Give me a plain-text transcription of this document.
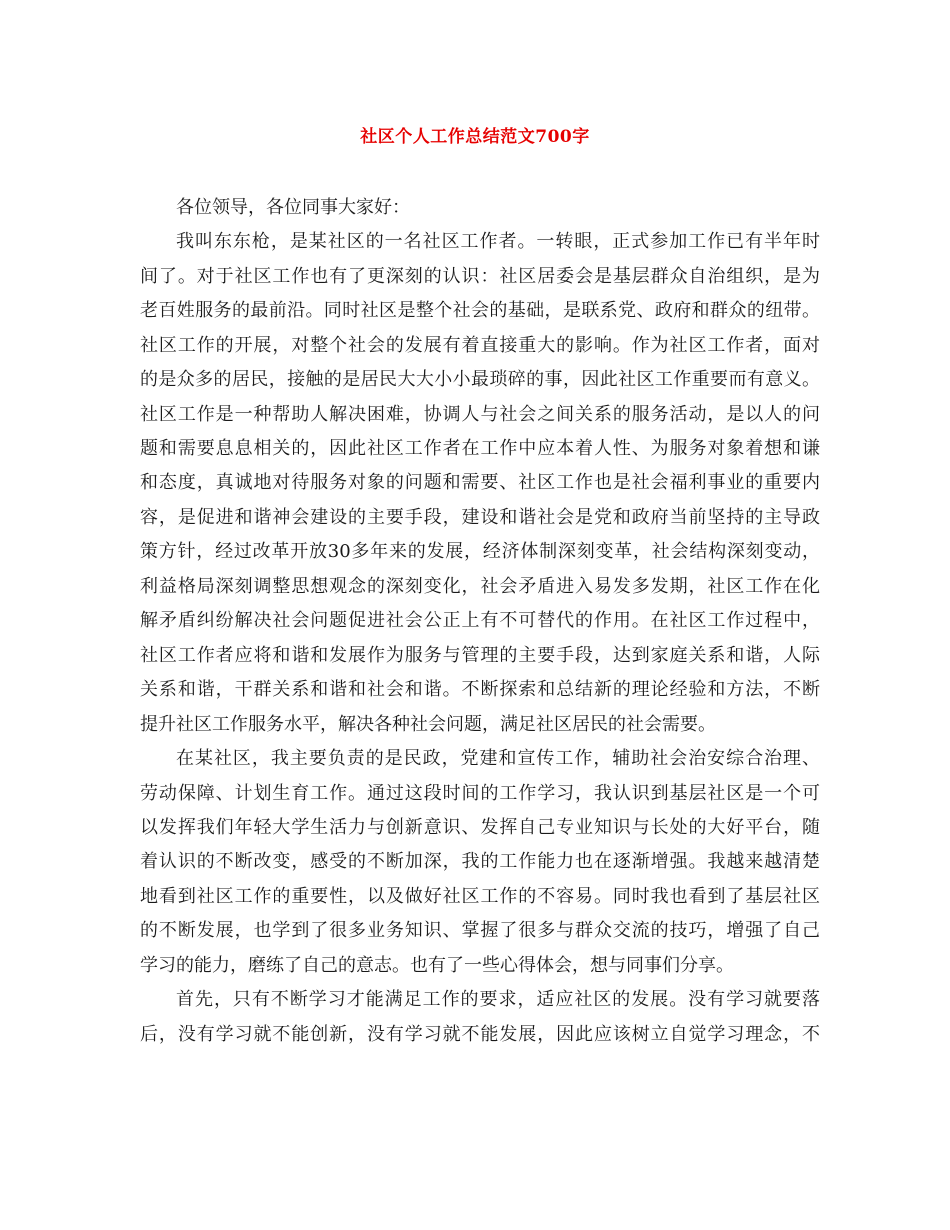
社区个人工作总结范文700字
各位领导，各位同事大家好：
我叫东东枪，是某社区的一名社区工作者。一转眼，正式参加工作已有半年时
间了。对于社区工作也有了更深刻的认识：社区居委会是基层群众自治组织，是为
老百姓服务的最前沿。同时社区是整个社会的基础，是联系党、政府和群众的纽带。
社区工作的开展，对整个社会的发展有着直接重大的影响。作为社区工作者，面对
的是众多的居民，接触的是居民大大小小最琐碎的事，因此社区工作重要而有意义。
社区工作是一种帮助人解决困难，协调人与社会之间关系的服务活动，是以人的问
题和需要息息相关的，因此社区工作者在工作中应本着人性、为服务对象着想和谦
和态度，真诚地对待服务对象的问题和需要、社区工作也是社会福利事业的重要内
容，是促进和谐神会建设的主要手段，建设和谐社会是党和政府当前坚持的主导政
策方针，经过改革开放30多年来的发展，经济体制深刻变革，社会结构深刻变动，
利益格局深刻调整思想观念的深刻变化，社会矛盾进入易发多发期，社区工作在化
解矛盾纠纷解决社会问题促进社会公正上有不可替代的作用。在社区工作过程中，
社区工作者应将和谐和发展作为服务与管理的主要手段，达到家庭关系和谐，人际
关系和谐，干群关系和谐和社会和谐。不断探索和总结新的理论经验和方法，不断
提升社区工作服务水平，解决各种社会问题，满足社区居民的社会需要。
在某社区，我主要负责的是民政，党建和宣传工作，辅助社会治安综合治理、
劳动保障、计划生育工作。通过这段时间的工作学习，我认识到基层社区是一个可
以发挥我们年轻大学生活力与创新意识、发挥自己专业知识与长处的大好平台，随
着认识的不断改变，感受的不断加深，我的工作能力也在逐渐增强。我越来越清楚
地看到社区工作的重要性，以及做好社区工作的不容易。同时我也看到了基层社区
的不断发展，也学到了很多业务知识、掌握了很多与群众交流的技巧，增强了自己
学习的能力，磨练了自己的意志。也有了一些心得体会，想与同事们分享。
首先，只有不断学习才能满足工作的要求，适应社区的发展。没有学习就要落
后，没有学习就不能创新，没有学习就不能发展，因此应该树立自觉学习理念，不
